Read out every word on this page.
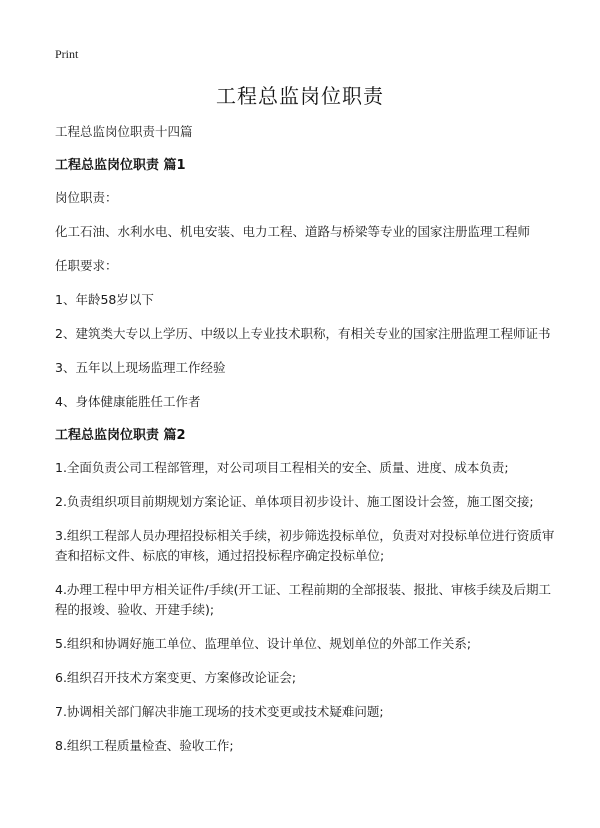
Print
工程总监岗位职责

工程总监岗位职责十四篇

工程总监岗位职责 篇1

岗位职责：

化工石油、水利水电、机电安装、电力工程、道路与桥梁等专业的国家注册监理工程师

任职要求：

1、年龄58岁以下

2、建筑类大专以上学历、中级以上专业技术职称，有相关专业的国家注册监理工程师证书

3、五年以上现场监理工作经验

4、身体健康能胜任工作者

工程总监岗位职责 篇2

1.全面负责公司工程部管理，对公司项目工程相关的安全、质量、进度、成本负责;

2.负责组织项目前期规划方案论证、单体项目初步设计、施工图设计会签，施工图交接;

3.组织工程部人员办理招投标相关手续，初步筛选投标单位，负责对对投标单位进行资质审查和招标文件、标底的审核，通过招投标程序确定投标单位;

4.办理工程中甲方相关证件/手续(开工证、工程前期的全部报装、报批、审核手续及后期工程的报竣、验收、开建手续);

5.组织和协调好施工单位、监理单位、设计单位、规划单位的外部工作关系;

6.组织召开技术方案变更、方案修改论证会;

7.协调相关部门解决非施工现场的技术变更或技术疑难问题;

8.组织工程质量检查、验收工作;
